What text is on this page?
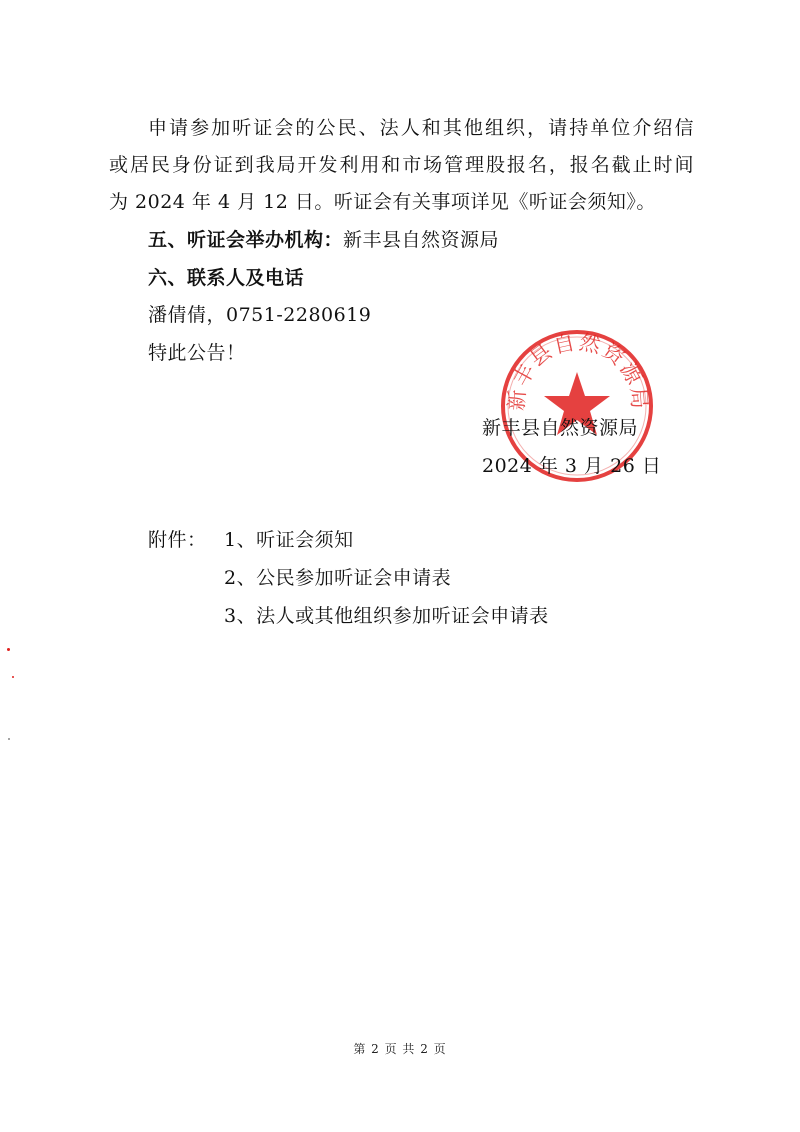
申请参加听证会的公民、法人和其他组织，请持单位介绍信
或居民身份证到我局开发利用和市场管理股报名，报名截止时间
为 2024 年 4 月 12 日。听证会有关事项详见《听证会须知》。
五、听证会举办机构：新丰县自然资源局
六、联系人及电话
潘倩倩，0751-2280619
特此公告！
新丰县自然资源局
新丰县自然资源局
2024 年 3 月 26 日
附件： 1、听证会须知
2、公民参加听证会申请表
3、法人或其他组织参加听证会申请表
第 2 页 共 2 页
